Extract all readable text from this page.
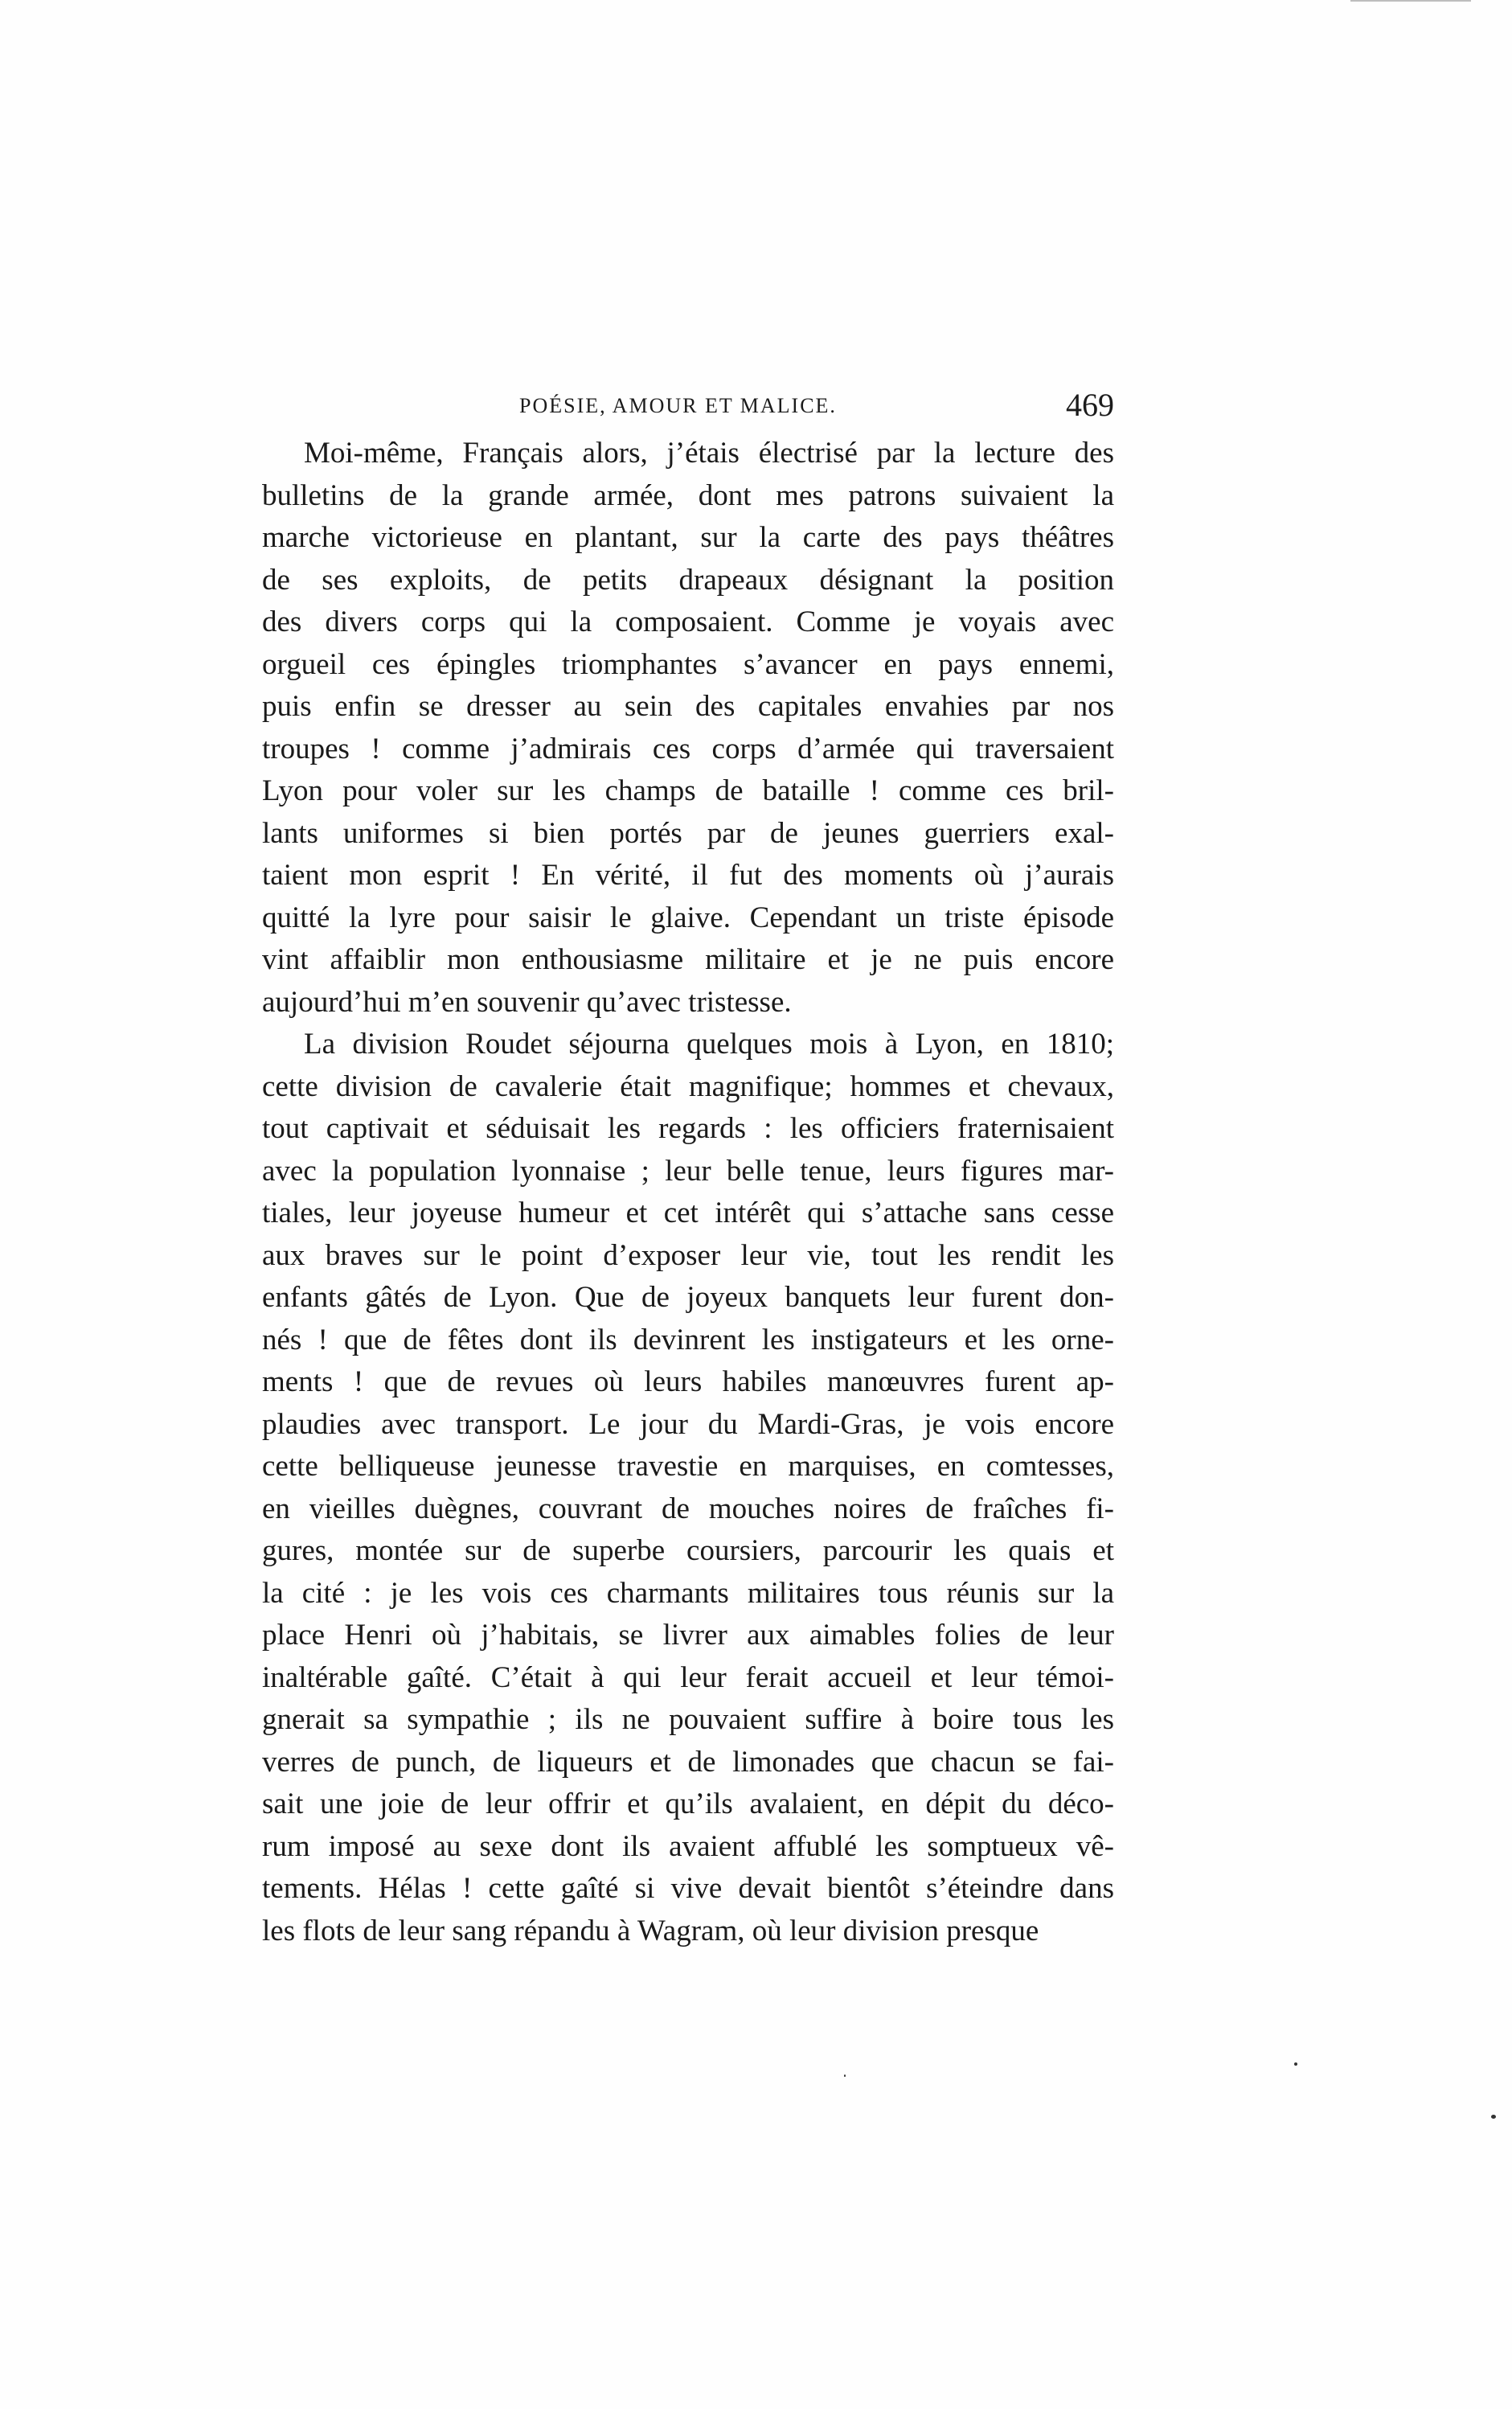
POÉSIE, AMOUR ET MALICE.	469

Moi-même, Français alors, j’étais électrisé par la lecture des
bulletins de la grande armée, dont mes patrons suivaient la
marche victorieuse en plantant, sur la carte des pays théâtres
de ses exploits, de petits drapeaux désignant la position
des divers corps qui la composaient. Comme je voyais avec
orgueil ces épingles triomphantes s’avancer en pays ennemi,
puis enfin se dresser au sein des capitales envahies par nos
troupes ! comme j’admirais ces corps d’armée qui traversaient
Lyon pour voler sur les champs de bataille ! comme ces bril-
lants uniformes si bien portés par de jeunes guerriers exal-
taient mon esprit ! En vérité, il fut des moments où j’aurais
quitté la lyre pour saisir le glaive. Cependant un triste épisode
vint affaiblir mon enthousiasme militaire et je ne puis encore
aujourd’hui m’en souvenir qu’avec tristesse.

La division Roudet séjourna quelques mois à Lyon, en 1810;
cette division de cavalerie était magnifique; hommes et chevaux,
tout captivait et séduisait les regards : les officiers fraternisaient
avec la population lyonnaise ; leur belle tenue, leurs figures mar-
tiales, leur joyeuse humeur et cet intérêt qui s’attache sans cesse
aux braves sur le point d’exposer leur vie, tout les rendit les
enfants gâtés de Lyon. Que de joyeux banquets leur furent don-
nés ! que de fêtes dont ils devinrent les instigateurs et les orne-
ments ! que de revues où leurs habiles manœuvres furent ap-
plaudies avec transport. Le jour du Mardi-Gras, je vois encore
cette belliqueuse jeunesse travestie en marquises, en comtesses,
en vieilles duègnes, couvrant de mouches noires de fraîches fi-
gures, montée sur de superbe coursiers, parcourir les quais et
la cité : je les vois ces charmants militaires tous réunis sur la
place Henri où j’habitais, se livrer aux aimables folies de leur
inaltérable gaîté. C’était à qui leur ferait accueil et leur témoi-
gnerait sa sympathie ; ils ne pouvaient suffire à boire tous les
verres de punch, de liqueurs et de limonades que chacun se fai-
sait une joie de leur offrir et qu’ils avalaient, en dépit du déco-
rum imposé au sexe dont ils avaient affublé les somptueux vê-
tements. Hélas ! cette gaîté si vive devait bientôt s’éteindre dans
les flots de leur sang répandu à Wagram, où leur division presque
